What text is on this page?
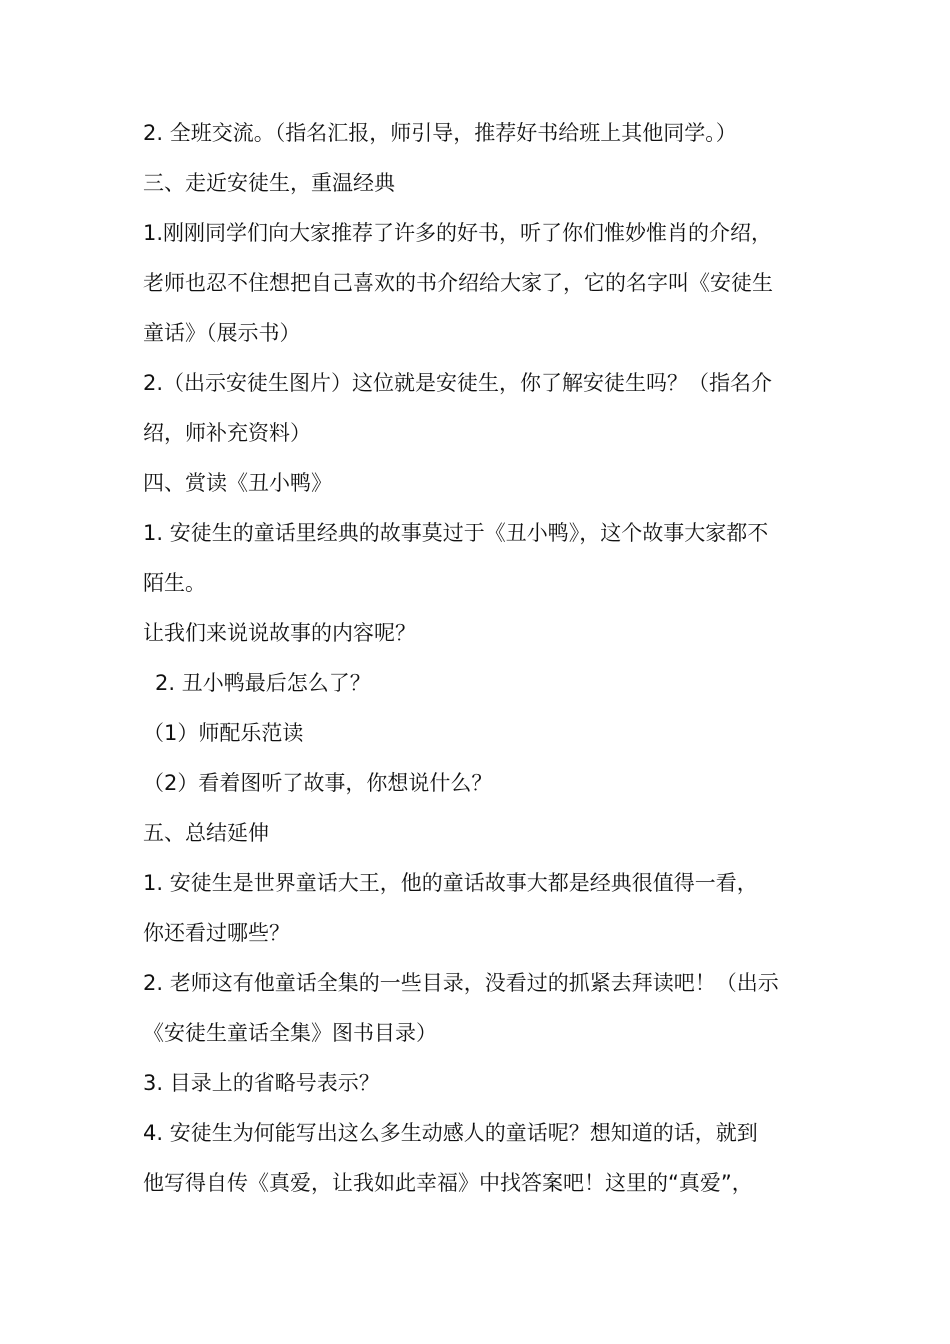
2. 全班交流。（指名汇报，师引导，推荐好书给班上其他同学。）
三、走近安徒生，重温经典
1.刚刚同学们向大家推荐了许多的好书，听了你们惟妙惟肖的介绍，
老师也忍不住想把自己喜欢的书介绍给大家了，它的名字叫《安徒生
童话》（展示书）
2.（出示安徒生图片）这位就是安徒生，你了解安徒生吗？（指名介
绍，师补充资料）
四、赏读《丑小鸭》
1. 安徒生的童话里经典的故事莫过于《丑小鸭》，这个故事大家都不
陌生。
让我们来说说故事的内容呢？
2. 丑小鸭最后怎么了？
（1）师配乐范读
（2）看着图听了故事，你想说什么？
五、总结延伸
1. 安徒生是世界童话大王，他的童话故事大都是经典很值得一看，
你还看过哪些？
2. 老师这有他童话全集的一些目录，没看过的抓紧去拜读吧！（出示
《安徒生童话全集》图书目录）
3. 目录上的省略号表示？
4. 安徒生为何能写出这么多生动感人的童话呢？想知道的话，就到
他写得自传《真爱，让我如此幸福》中找答案吧！这里的“真爱”，
